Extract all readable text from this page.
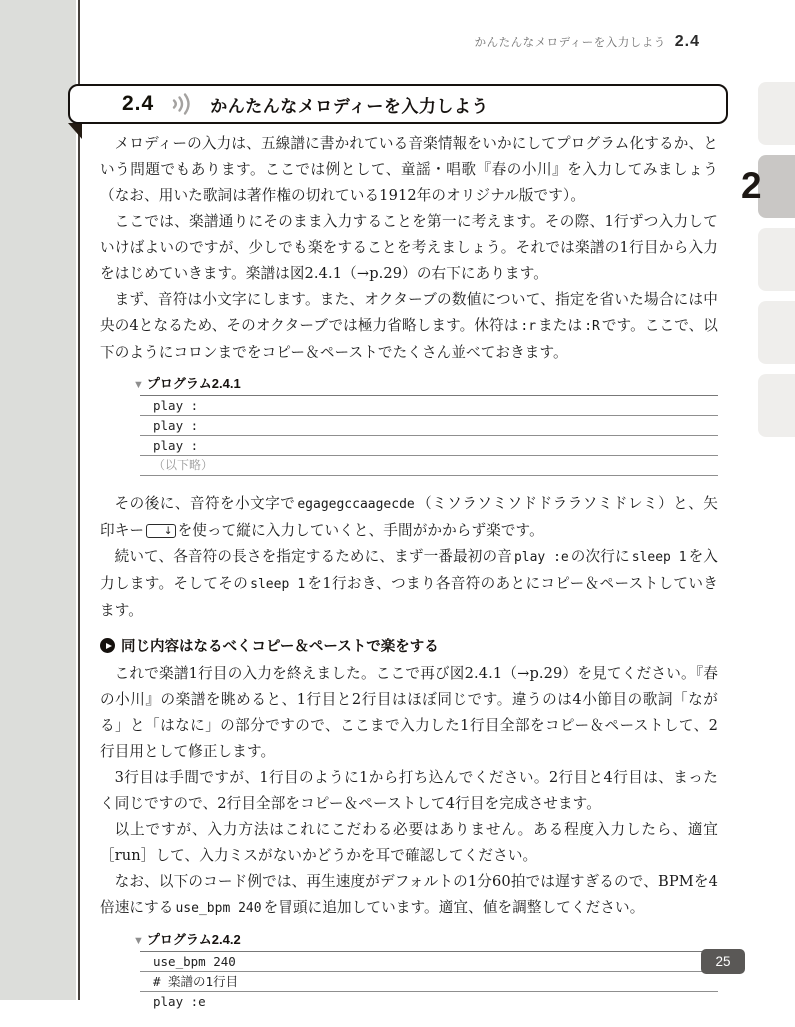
かんたんなメロディーを入力しよう 2.4
2.4	かんたんなメロディーを入力しよう
2

メロディーの入力は、五線譜に書かれている音楽情報をいかにしてプログラム化するか、という問題でもあります。ここでは例として、童謡・唱歌『春の小川』を入力してみましょう（なお、用いた歌詞は著作権の切れている1912年のオリジナル版です）。

ここでは、楽譜通りにそのまま入力することを第一に考えます。その際、1行ずつ入力していけばよいのですが、少しでも楽をすることを考えましょう。それでは楽譜の1行目から入力をはじめていきます。楽譜は図2.4.1（→p.29）の右下にあります。

まず、音符は小文字にします。また、オクターブの数値について、指定を省いた場合には中央の4となるため、そのオクターブでは極力省略します。休符は :r または :R です。ここで、以下のようにコロンまでをコピー＆ペーストでたくさん並べておきます。

▼ プログラム2.4.1
play :
play :
play :
（以下略）

その後に、音符を小文字で egagegccaagecde （ミソラソミソドドララソミドレミ）と、矢印キー ↓ を使って縦に入力していくと、手間がかからず楽です。

続いて、各音符の長さを指定するために、まず一番最初の音 play :e の次行に sleep 1 を入力します。そしてその sleep 1 を1行おき、つまり各音符のあとにコピー＆ペーストしていきます。

同じ内容はなるべくコピー＆ペーストで楽をする

これで楽譜1行目の入力を終えました。ここで再び図2.4.1（→p.29）を見てください。『春の小川』の楽譜を眺めると、1行目と2行目はほぼ同じです。違うのは4小節目の歌詞「ながる」と「はなに」の部分ですので、ここまで入力した1行目全部をコピー＆ペーストして、2行目用として修正します。

3行目は手間ですが、1行目のように1から打ち込んでください。2行目と4行目は、まったく同じですので、2行目全部をコピー＆ペーストして4行目を完成させます。

以上ですが、入力方法はこれにこだわる必要はありません。ある程度入力したら、適宜［run］して、入力ミスがないかどうかを耳で確認してください。

なお、以下のコード例では、再生速度がデフォルトの1分60拍では遅すぎるので、BPMを4倍速にする use_bpm 240 を冒頭に追加しています。適宜、値を調整してください。

▼ プログラム2.4.2
use_bpm 240
# 楽譜の1行目
play :e
25
